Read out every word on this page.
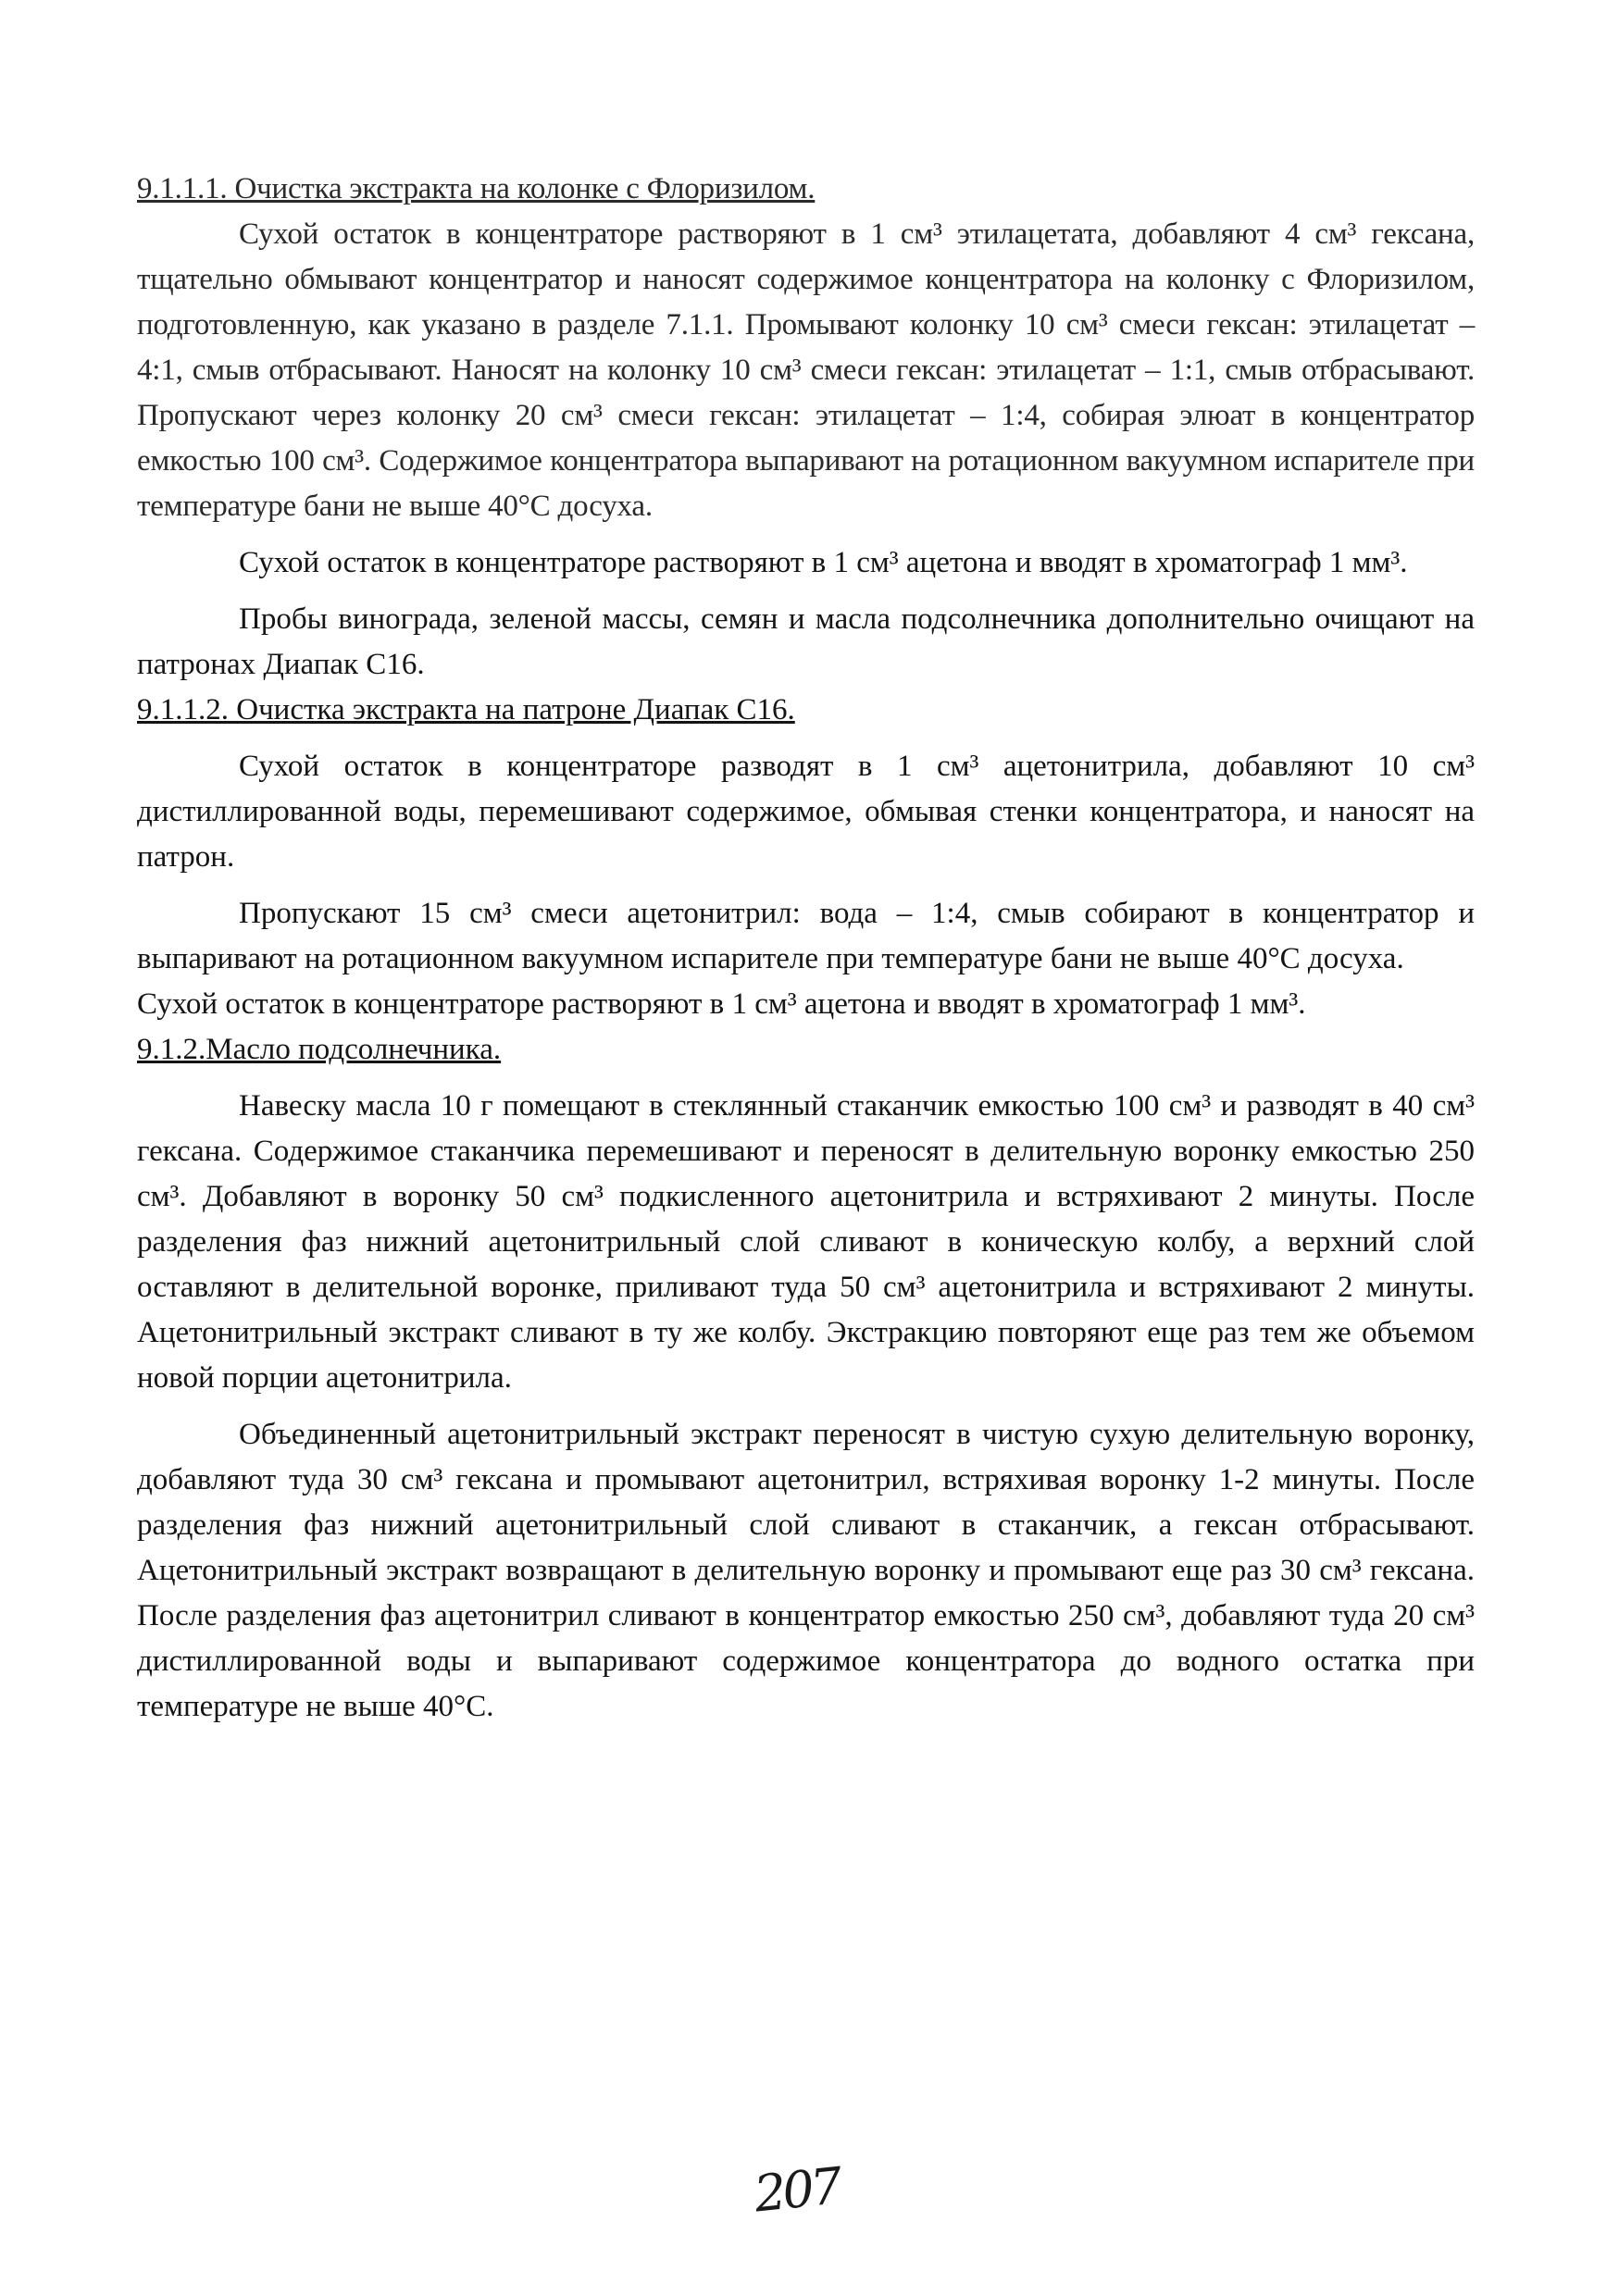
9.1.1.1. Очистка экстракта на колонке с Флоризилом.

Сухой остаток в концентраторе растворяют в 1 см³ этилацетата, добавляют 4 см³ гексана, тщательно обмывают концентратор и наносят содержимое концентратора на колонку с Флоризилом, подготовленную, как указано в разделе 7.1.1. Промывают колонку 10 см³ смеси гексан: этилацетат – 4:1, смыв отбрасывают. Наносят на колонку 10 см³ смеси гексан: этилацетат – 1:1, смыв отбрасывают. Пропускают через колонку 20 см³ смеси гексан: этилацетат – 1:4, собирая элюат в концентратор емкостью 100 см³. Содержимое концентратора выпаривают на ротационном вакуумном испарителе при температуре бани не выше 40°С досуха.

Сухой остаток в концентраторе растворяют в 1 см³ ацетона и вводят в хроматограф 1 мм³.

Пробы винограда, зеленой массы, семян и масла подсолнечника дополнительно очищают на патронах Диапак С16.

9.1.1.2. Очистка экстракта на патроне Диапак С16.

Сухой остаток в концентраторе разводят в 1 см³ ацетонитрила, добавляют 10 см³ дистиллированной воды, перемешивают содержимое, обмывая стенки концентратора, и наносят на патрон.

Пропускают 15 см³ смеси ацетонитрил: вода – 1:4, смыв собирают в концентратор и выпаривают на ротационном вакуумном испарителе при температуре бани не выше 40°С досуха.

Сухой остаток в концентраторе растворяют в 1 см³ ацетона и вводят в хроматограф 1 мм³.

9.1.2.Масло подсолнечника.

Навеску масла 10 г помещают в стеклянный стаканчик емкостью 100 см³ и разводят в 40 см³ гексана. Содержимое стаканчика перемешивают и переносят в делительную воронку емкостью 250 см³. Добавляют в воронку 50 см³ подкисленного ацетонитрила и встряхивают 2 минуты. После разделения фаз нижний ацетонитрильный слой сливают в коническую колбу, а верхний слой оставляют в делительной воронке, приливают туда 50 см³ ацетонитрила и встряхивают 2 минуты. Ацетонитрильный экстракт сливают в ту же колбу. Экстракцию повторяют еще раз тем же объемом новой порции ацетонитрила.

Объединенный ацетонитрильный экстракт переносят в чистую сухую делительную воронку, добавляют туда 30 см³ гексана и промывают ацетонитрил, встряхивая воронку 1-2 минуты. После разделения фаз нижний ацетонитрильный слой сливают в стаканчик, а гексан отбрасывают. Ацетонитрильный экстракт возвращают в делительную воронку и промывают еще раз 30 см³ гексана. После разделения фаз ацетонитрил сливают в концентратор емкостью 250 см³, добавляют туда 20 см³ дистиллированной воды и выпаривают содержимое концентратора до водного остатка при температуре не выше 40°С.

207
